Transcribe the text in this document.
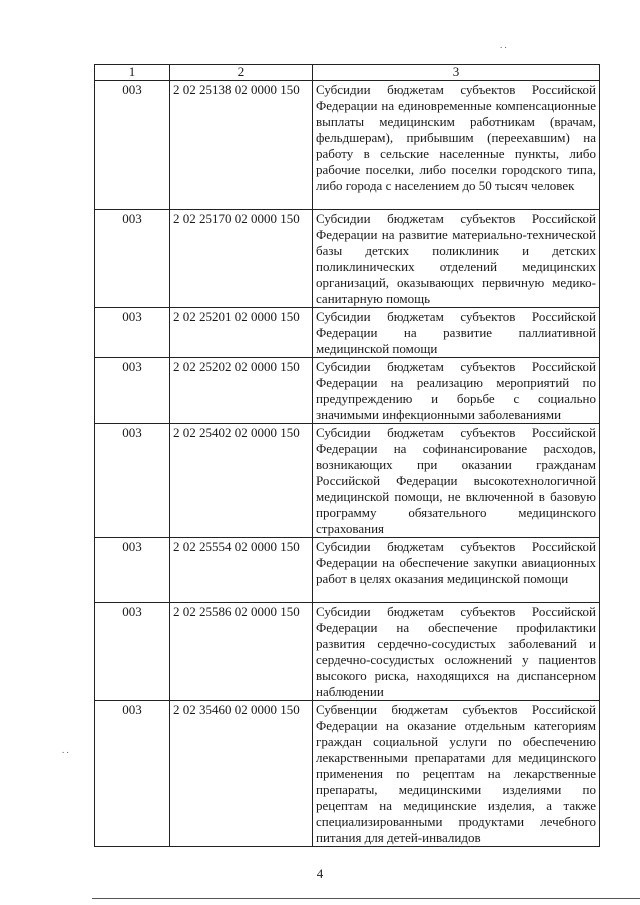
. .
1	2	3
003	2 02 25138 02 0000 150	Субсидии бюджетам субъектов Российской Федерации на единовременные компенсационные выплаты медицинским работникам (врачам, фельдшерам), прибывшим (переехавшим) на работу в сельские населенные пункты, либо рабочие поселки, либо поселки городского типа, либо города с населением до 50 тысяч человек
003	2 02 25170 02 0000 150	Субсидии бюджетам субъектов Российской Федерации на развитие материально-технической базы детских поликлиник и детских поликлинических отделений медицинских организаций, оказывающих первичную медико-санитарную помощь
003	2 02 25201 02 0000 150	Субсидии бюджетам субъектов Российской Федерации на развитие паллиативной медицинской помощи
003	2 02 25202 02 0000 150	Субсидии бюджетам субъектов Российской Федерации на реализацию мероприятий по предупреждению и борьбе с социально значимыми инфекционными заболеваниями
003	2 02 25402 02 0000 150	Субсидии бюджетам субъектов Российской Федерации на софинансирование расходов, возникающих при оказании гражданам Российской Федерации высокотехнологичной медицинской помощи, не включенной в базовую программу обязательного медицинского страхования
003	2 02 25554 02 0000 150	Субсидии бюджетам субъектов Российской Федерации на обеспечение закупки авиационных работ в целях оказания медицинской помощи
003	2 02 25586 02 0000 150	Субсидии бюджетам субъектов Российской Федерации на обеспечение профилактики развития сердечно-сосудистых заболеваний и сердечно-сосудистых осложнений у пациентов высокого риска, находящихся на диспансерном наблюдении
003	2 02 35460 02 0000 150	Субвенции бюджетам субъектов Российской Федерации на оказание отдельным категориям граждан социальной услуги по обеспечению лекарственными препаратами для медицинского применения по рецептам на лекарственные препараты, медицинскими изделиями по рецептам на медицинские изделия, а также специализированными продуктами лечебного питания для детей-инвалидов
. .
4
